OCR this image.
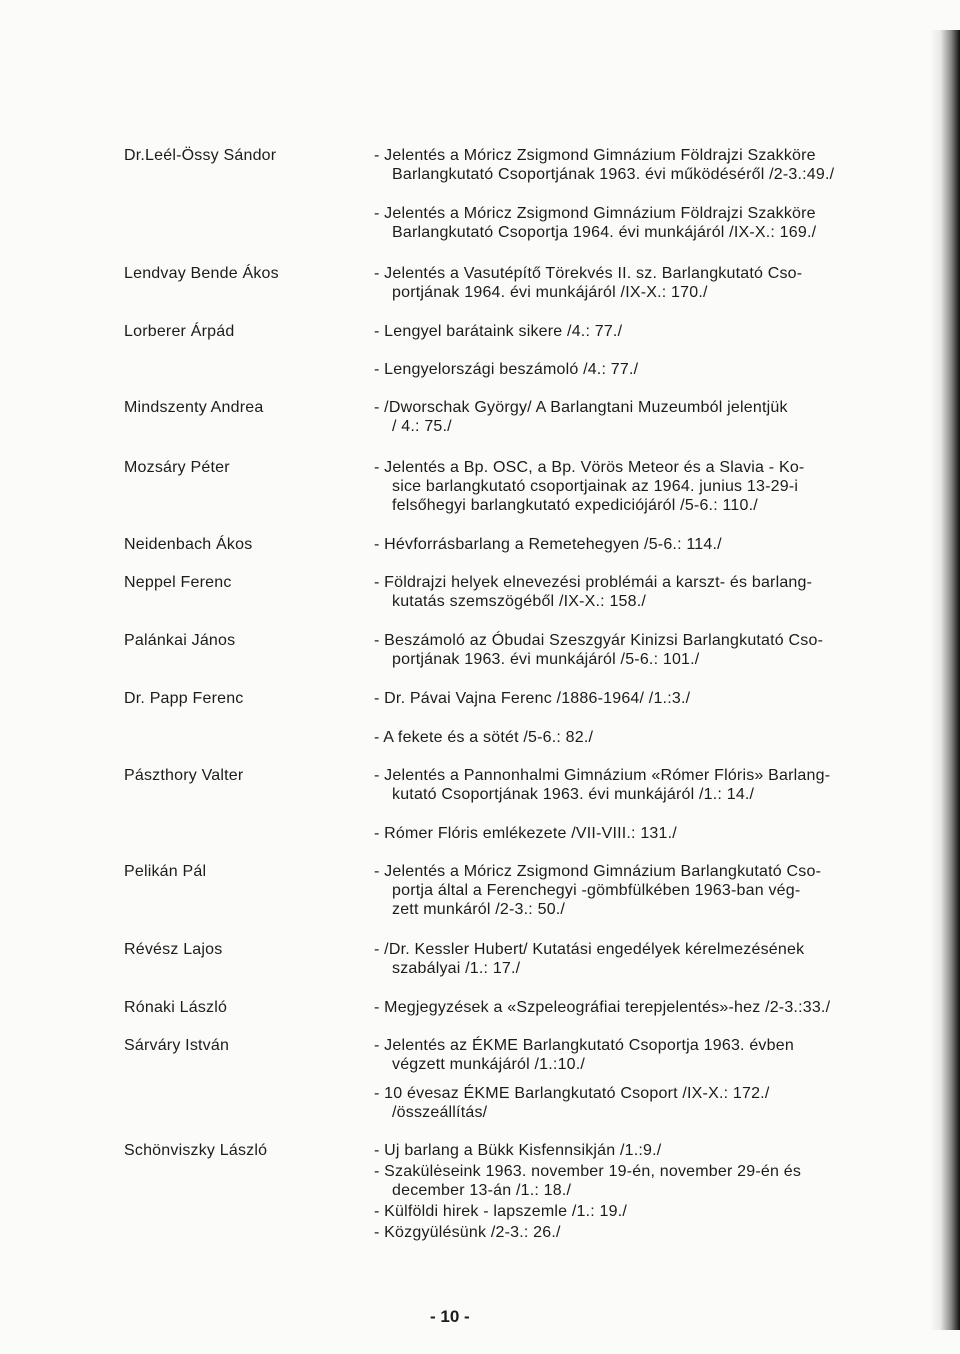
Dr.Leél-Össy Sándor
Lendvay Bende Ákos
Lorberer Árpád
Mindszenty Andrea
Mozsáry Péter
Neidenbach Ákos
Neppel Ferenc
Palánkai János
Dr. Papp Ferenc
Pászthory Valter
Pelikán Pál
Révész Lajos
Rónaki László
Sárváry István
Schönviszky László
- Jelentés a Móricz Zsigmond Gimnázium Földrajzi Szakköre
Barlangkutató Csoportjának 1963. évi működéséről /2-3.:49./
- Jelentés a Móricz Zsigmond Gimnázium Földrajzi Szakköre
Barlangkutató Csoportja 1964. évi munkájáról /IX-X.: 169./
- Jelentés a Vasutépítő Törekvés II. sz. Barlangkutató Cso-
portjának 1964. évi munkájáról /IX-X.: 170./
- Lengyel barátaink sikere /4.: 77./
- Lengyelországi beszámoló /4.: 77./
- /Dworschak György/ A Barlangtani Muzeumból jelentjük
/ 4.: 75./
- Jelentés a Bp. OSC, a Bp. Vörös Meteor és a Slavia - Ko-
sice barlangkutató csoportjainak az 1964. junius 13-29-i
felsőhegyi barlangkutató expediciójáról /5-6.: 110./
- Hévforrásbarlang a Remetehegyen /5-6.: 114./
- Földrajzi helyek elnevezési problémái a karszt- és barlang-
kutatás szemszögéből /IX-X.: 158./
- Beszámoló az Óbudai Szeszgyár Kinizsi Barlangkutató Cso-
portjának 1963. évi munkájáról /5-6.: 101./
- Dr. Pávai Vajna Ferenc /1886-1964/ /1.:3./
- A fekete és a sötét /5-6.: 82./
- Jelentés a Pannonhalmi Gimnázium «Rómer Flóris» Barlang-
kutató Csoportjának 1963. évi munkájáról /1.: 14./
- Rómer Flóris emlékezete /VII-VIII.: 131./
- Jelentés a Móricz Zsigmond Gimnázium Barlangkutató Cso-
portja által a Ferenchegyi -gömbfülkében 1963-ban vég-
zett munkáról /2-3.: 50./
- /Dr. Kessler Hubert/ Kutatási engedélyek kérelmezésének
szabályai /1.: 17./
- Megjegyzések a «Szpeleográfiai terepjelentés»-hez /2-3.:33./
- Jelentés az ÉKME Barlangkutató Csoportja 1963. évben
végzett munkájáról /1.:10./
- 10 évesaz ÉKME Barlangkutató Csoport /IX-X.: 172./
/összeállítás/
- Uj barlang a Bükk Kisfennsikján /1.:9./
- Szakülėseink 1963. november 19-én, november 29-én és
december 13-án /1.: 18./
- Külföldi hirek - lapszemle /1.: 19./
- Közgyülésünk /2-3.: 26./
- 10 -
